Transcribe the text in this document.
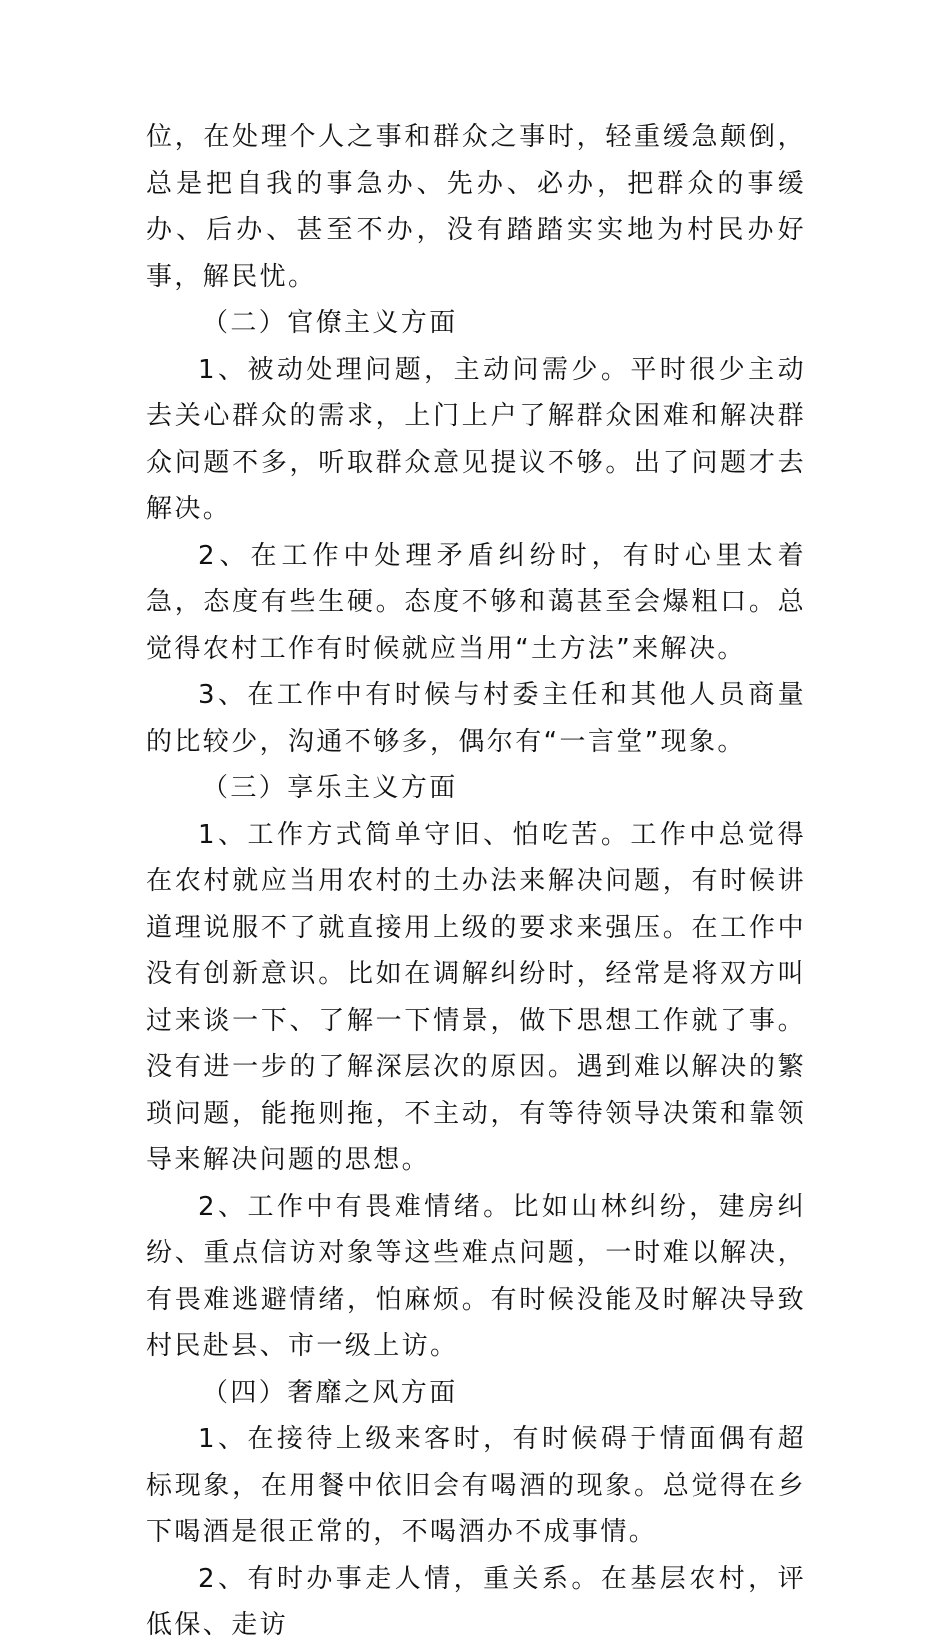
位，在处理个人之事和群众之事时，轻重缓急颠倒，总是把自我的事急办、先办、必办，把群众的事缓办、后办、甚至不办，没有踏踏实实地为村民办好事，解民忧。

（二）官僚主义方面

1、被动处理问题，主动问需少。平时很少主动去关心群众的需求，上门上户了解群众困难和解决群众问题不多，听取群众意见提议不够。出了问题才去解决。

2、在工作中处理矛盾纠纷时，有时心里太着急，态度有些生硬。态度不够和蔼甚至会爆粗口。总觉得农村工作有时候就应当用“土方法”来解决。

3、在工作中有时候与村委主任和其他人员商量的比较少，沟通不够多，偶尔有“一言堂”现象。

（三）享乐主义方面

1、工作方式简单守旧、怕吃苦。工作中总觉得在农村就应当用农村的土办法来解决问题，有时候讲道理说服不了就直接用上级的要求来强压。在工作中没有创新意识。比如在调解纠纷时，经常是将双方叫过来谈一下、了解一下情景，做下思想工作就了事。没有进一步的了解深层次的原因。遇到难以解决的繁琐问题，能拖则拖，不主动，有等待领导决策和靠领导来解决问题的思想。

2、工作中有畏难情绪。比如山林纠纷，建房纠纷、重点信访对象等这些难点问题，一时难以解决，有畏难逃避情绪，怕麻烦。有时候没能及时解决导致村民赴县、市一级上访。

（四）奢靡之风方面

1、在接待上级来客时，有时候碍于情面偶有超标现象，在用餐中依旧会有喝酒的现象。总觉得在乡下喝酒是很正常的，不喝酒办不成事情。

2、有时办事走人情，重关系。在基层农村，评低保、走访
